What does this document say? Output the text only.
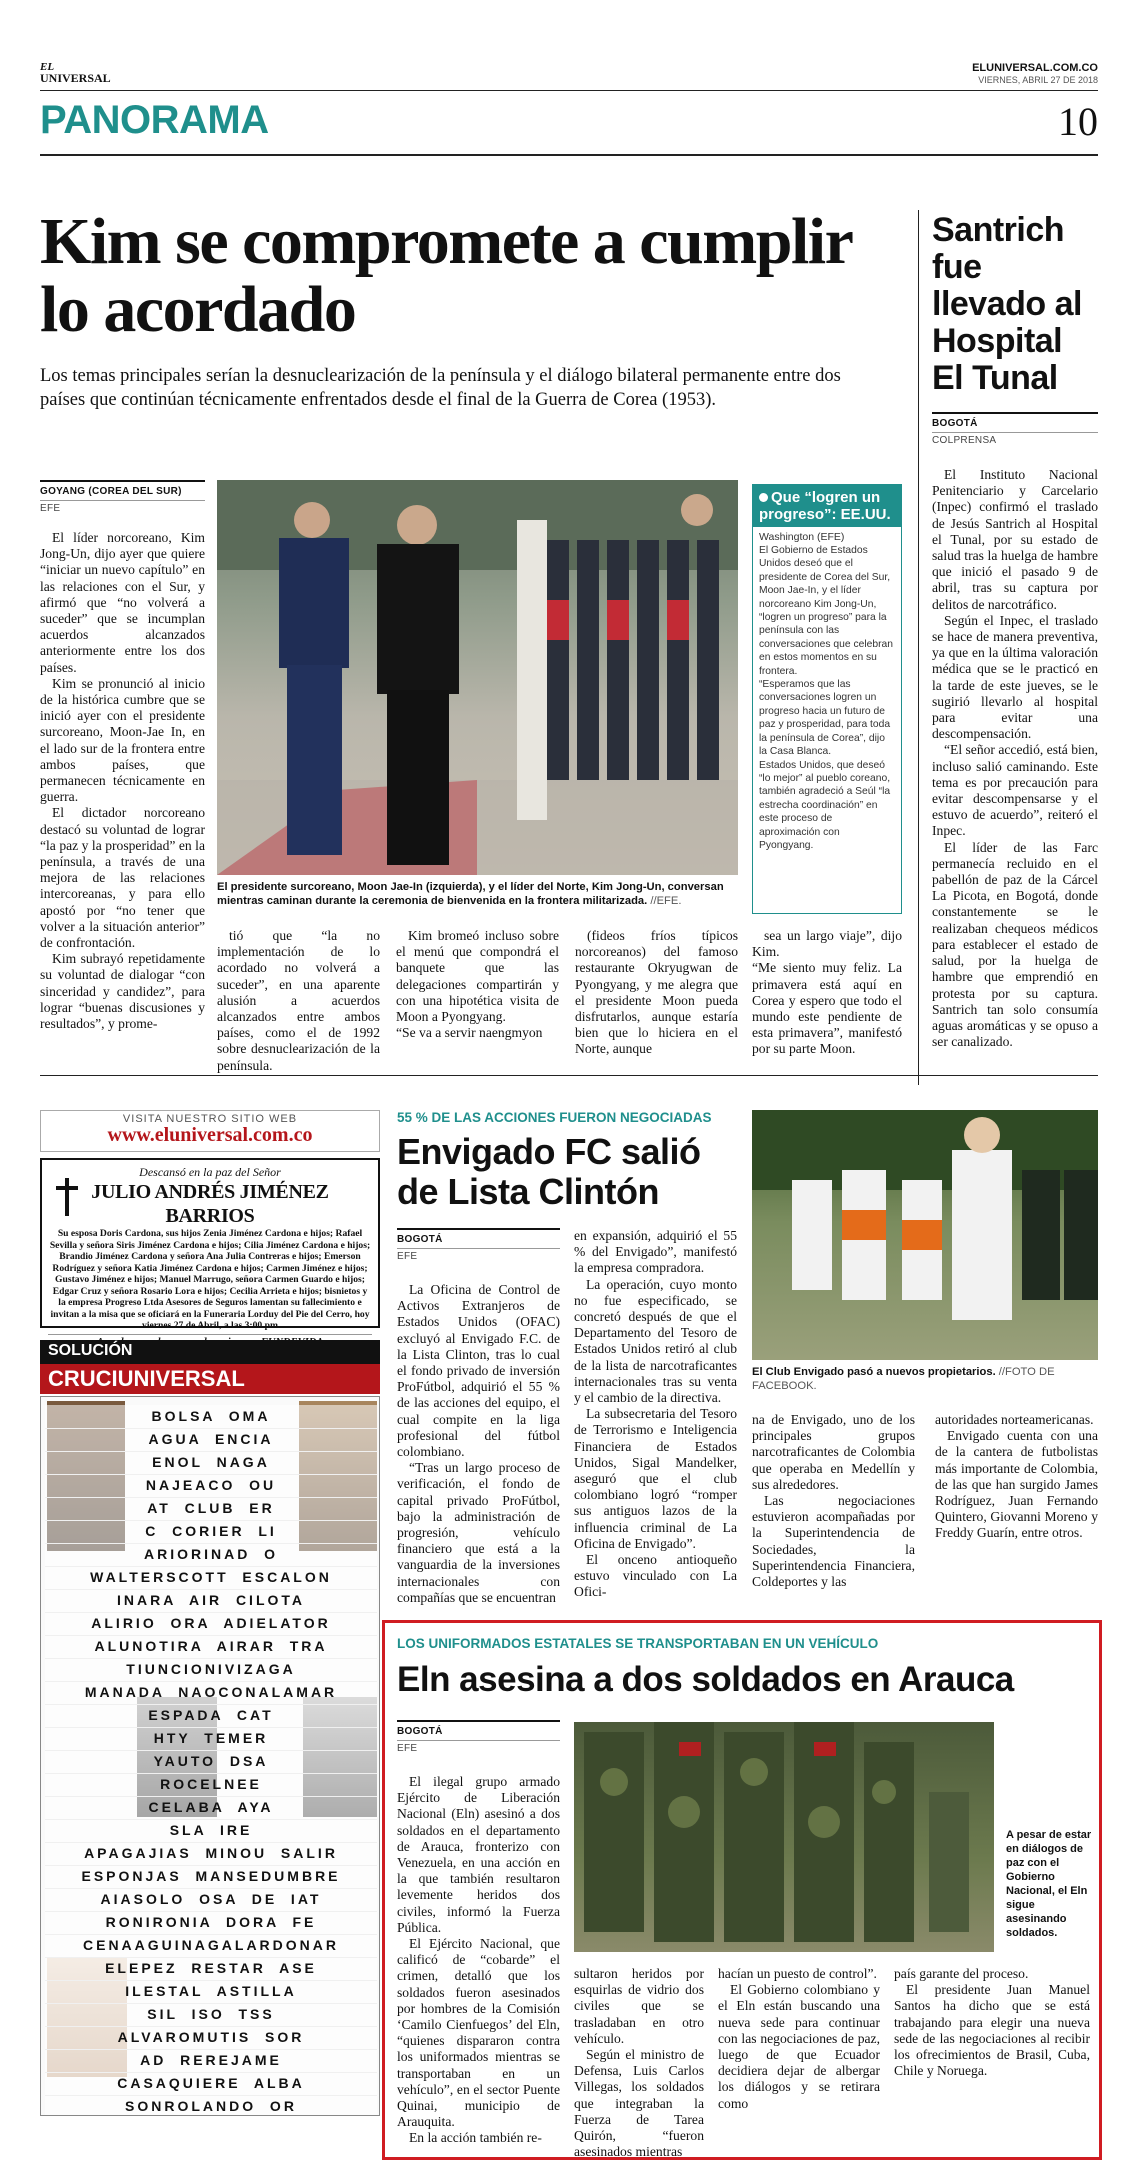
EL
UNIVERSAL
ELUNIVERSAL.COM.CO
VIERNES, ABRIL 27 DE 2018
PANORAMA	10
Kim se compromete a cumplir lo acordado
Los temas principales serían la desnuclearización de la península y el diálogo bilateral permanente entre dos países que continúan técnicamente enfrentados desde el final de la Guerra de Corea (1953).
GOYANG (COREA DEL SUR)
EFE

El líder norcoreano, Kim Jong-Un, dijo ayer que quiere “iniciar un nuevo capítulo” en las relaciones con el Sur, y afirmó que “no volverá a suceder” que se incumplan acuerdos alcanzados anteriormente entre los dos países.

Kim se pronunció al inicio de la histórica cumbre que se inició ayer con el presidente surcoreano, Moon-Jae In, en el lado sur de la frontera entre ambos países, que permanecen técnicamente en guerra.

El dictador norcoreano destacó su voluntad de lograr “la paz y la prosperidad” en la península, a través de una mejora de las relaciones intercoreanas, y para ello apostó por “no tener que volver a la situación anterior” de confrontación.

Kim subrayó repetidamente su voluntad de dialogar “con sinceridad y candidez”, para lograr “buenas discusiones y resultados”, y prome-

El presidente surcoreano, Moon Jae-In (izquierda), y el líder del Norte, Kim Jong-Un, conversan mientras caminan durante la ceremonia de bienvenida en la frontera militarizada. //EFE.
Que “logren un progreso”: EE.UU.
Washington (EFE)
El Gobierno de Estados Unidos deseó que el presidente de Corea del Sur, Moon Jae-In, y el líder norcoreano Kim Jong-Un, “logren un progreso” para la península con las conversaciones que celebran en estos momentos en su frontera.
“Esperamos que las conversaciones logren un progreso hacia un futuro de paz y prosperidad, para toda la península de Corea”, dijo la Casa Blanca.
Estados Unidos, que deseó “lo mejor” al pueblo coreano, también agradeció a Seúl “la estrecha coordinación” en este proceso de aproximación con Pyongyang.

tió que “la no implementación de lo acordado no volverá a suceder”, en una aparente alusión a acuerdos alcanzados entre ambos países, como el de 1992 sobre desnuclearización de la península.

Kim bromeó incluso sobre el menú que compondrá el banquete que las delegaciones compartirán y con una hipotética visita de Moon a Pyongyang.
“Se va a servir naengmyon

(fideos fríos típicos norcoreanos) del famoso restaurante Okryugwan de Pyongyang, y me alegra que el presidente Moon pueda disfrutarlos, aunque estaría bien que lo hiciera en el Norte, aunque

sea un largo viaje”, dijo Kim.
“Me siento muy feliz. La primavera está aquí en Corea y espero que todo el mundo este pendiente de esta primavera”, manifestó por su parte Moon.

Santrich fue llevado al Hospital El Tunal
BOGOTÁ
COLPRENSA

El Instituto Nacional Penitenciario y Carcelario (Inpec) confirmó el traslado de Jesús Santrich al Hospital el Tunal, por su estado de salud tras la huelga de hambre que inició el pasado 9 de abril, tras su captura por delitos de narcotráfico.

Según el Inpec, el traslado se hace de manera preventiva, ya que en la última valoración médica que se le practicó en la tarde de este jueves, se le sugirió llevarlo al hospital para evitar una descompensación.

“El señor accedió, está bien, incluso salió caminando. Este tema es por precaución para evitar descompensarse y el estuvo de acuerdo”, reiteró el Inpec.

El líder de las Farc permanecía recluido en el pabellón de paz de la Cárcel La Picota, en Bogotá, donde constantemente se le realizaban chequeos médicos para establecer el estado de salud, por la huelga de hambre que emprendió en protesta por su captura. Santrich tan solo consumía aguas aromáticas y se opuso a ser canalizado.

VISITA NUESTRO SITIO WEB
www.eluniversal.com.co
Descansó en la paz del Señor
JULIO ANDRÉS JIMÉNEZ BARRIOS
Su esposa Doris Cardona, sus hijos Zenia Jiménez Cardona e hijos; Rafael Sevilla y señora Siris Jiménez Cardona e hijos; Cilia Jiménez Cardona e hijos; Brandio Jiménez Cardona y señora Ana Julia Contreras e hijos; Emerson Rodríguez y señora Katia Jiménez Cardona e hijos; Carmen Jiménez e hijos; Gustavo Jiménez e hijos; Manuel Marrugo, señora Carmen Guardo e hijos; Edgar Cruz y señora Rosario Lora e hijos; Cecilia Arrieta e hijos; bisnietos y la empresa Progreso Ltda Asesores de Seguros lamentan su fallecimiento e invitan a la misa que se oficiará en la Funeraria Lorduy del Pie del Cerro, hoy viernes 27 de Abril, a las 3:00 pm
SOLUCIÓN
CRUCIUNIVERSAL
BOLSA  OMA
AGUA  ENCIA
ENOL  NAGA
NAJEACO  OU
AT  CLUB  ER
C  CORIER  LI
ARIORINAD  O
WALTERSCOTT  ESCALON
INARA  AIR  CILOTA
ALIRIO  ORA  ADIELATOR
ALUNOTIRA  AIRAR  TRA
TIUNCIONIVIZAGA
MANADA  NAOCONALAMAR
ESPADA  CAT
HTY  TEMER
YAUTO  DSA
ROCELNEE
CELABA  AYA
SLA  IRE
APAGAJIAS  MINOU  SALIR
ESPONJAS  MANSEDUMBRE
AIASOLO  OSA  DE  IAT
RONIRONIA  DORA  FE
CENAAGUINAGALARDONAR
ELEPEZ  RESTAR  ASE
ILESTAL  ASTILLA
SIL  ISO  TSS
ALVAROMUTIS  SOR
AD  REREJAME
CASAQUIERE  ALBA
SONROLANDO  OR
55 % DE LAS ACCIONES FUERON NEGOCIADAS
Envigado FC salió de Lista Clintón
BOGOTÁ
EFE

La Oficina de Control de Activos Extranjeros de Estados Unidos (OFAC) excluyó al Envigado F.C. de la Lista Clinton, tras lo cual el fondo privado de inversión ProFútbol, adquirió el 55 % de las acciones del equipo, el cual compite en la liga profesional del fútbol colombiano.

“Tras un largo proceso de verificación, el fondo de capital privado ProFútbol, bajo la administración de progresión, vehículo financiero que está a la vanguardia de la inversiones internacionales con compañías que se encuentran

en expansión, adquirió el 55 % del Envigado”, manifestó la empresa compradora.

La operación, cuyo monto no fue especificado, se concretó después de que el Departamento del Tesoro de Estados Unidos retiró al club de la lista de narcotraficantes internacionales tras su venta y el cambio de la directiva.

La subsecretaria del Tesoro de Terrorismo e Inteligencia Financiera de Estados Unidos, Sigal Mandelker, aseguró que el club colombiano logró “romper sus antiguos lazos de la influencia criminal de La Oficina de Envigado”.

El onceno antioqueño estuvo vinculado con La Ofici-

El Club Envigado pasó a nuevos propietarios. //FOTO DE FACEBOOK.

na de Envigado, uno de los principales grupos narcotraficantes de Colombia que operaba en Medellín y sus alrededores.

Las negociaciones estuvieron acompañadas por la Superintendencia de Sociedades, la Superintendencia Financiera, Coldeportes y las

autoridades norteamericanas.

Envigado cuenta con una de la cantera de futbolistas más importante de Colombia, de las que han surgido James Rodríguez, Juan Fernando Quintero, Giovanni Moreno y Freddy Guarín, entre otros.

LOS UNIFORMADOS ESTATALES SE TRANSPORTABAN EN UN VEHÍCULO
Eln asesina a dos soldados en Arauca
BOGOTÁ
EFE

El ilegal grupo armado Ejército de Liberación Nacional (Eln) asesinó a dos soldados en el departamento de Arauca, fronterizo con Venezuela, en una acción en la que también resultaron levemente heridos dos civiles, informó la Fuerza Pública.

El Ejército Nacional, que calificó de “cobarde” el crimen, detalló que los soldados fueron asesinados por hombres de la Comisión ‘Camilo Cienfuegos’ del Eln, “quienes dispararon contra los uniformados mientras se transportaban en un vehículo”, en el sector Puente Quinai, municipio de Arauquita.

En la acción también re-

A pesar de estar en diálogos de paz con el Gobierno Nacional, el Eln sigue asesinando soldados.

sultaron heridos por esquirlas de vidrio dos civiles que se trasladaban en otro vehículo.

Según el ministro de Defensa, Luis Carlos Villegas, los soldados que integraban la Fuerza de Tarea Quirón, “fueron asesinados mientras

hacían un puesto de control”.

El Gobierno colombiano y el Eln están buscando una nueva sede para continuar con las negociaciones de paz, luego de que Ecuador decidiera dejar de albergar los diálogos y se retirara como

país garante del proceso.

El presidente Juan Manuel Santos ha dicho que se está trabajando para elegir una nueva sede de las negociaciones al recibir los ofrecimientos de Brasil, Cuba, Chile y Noruega.
